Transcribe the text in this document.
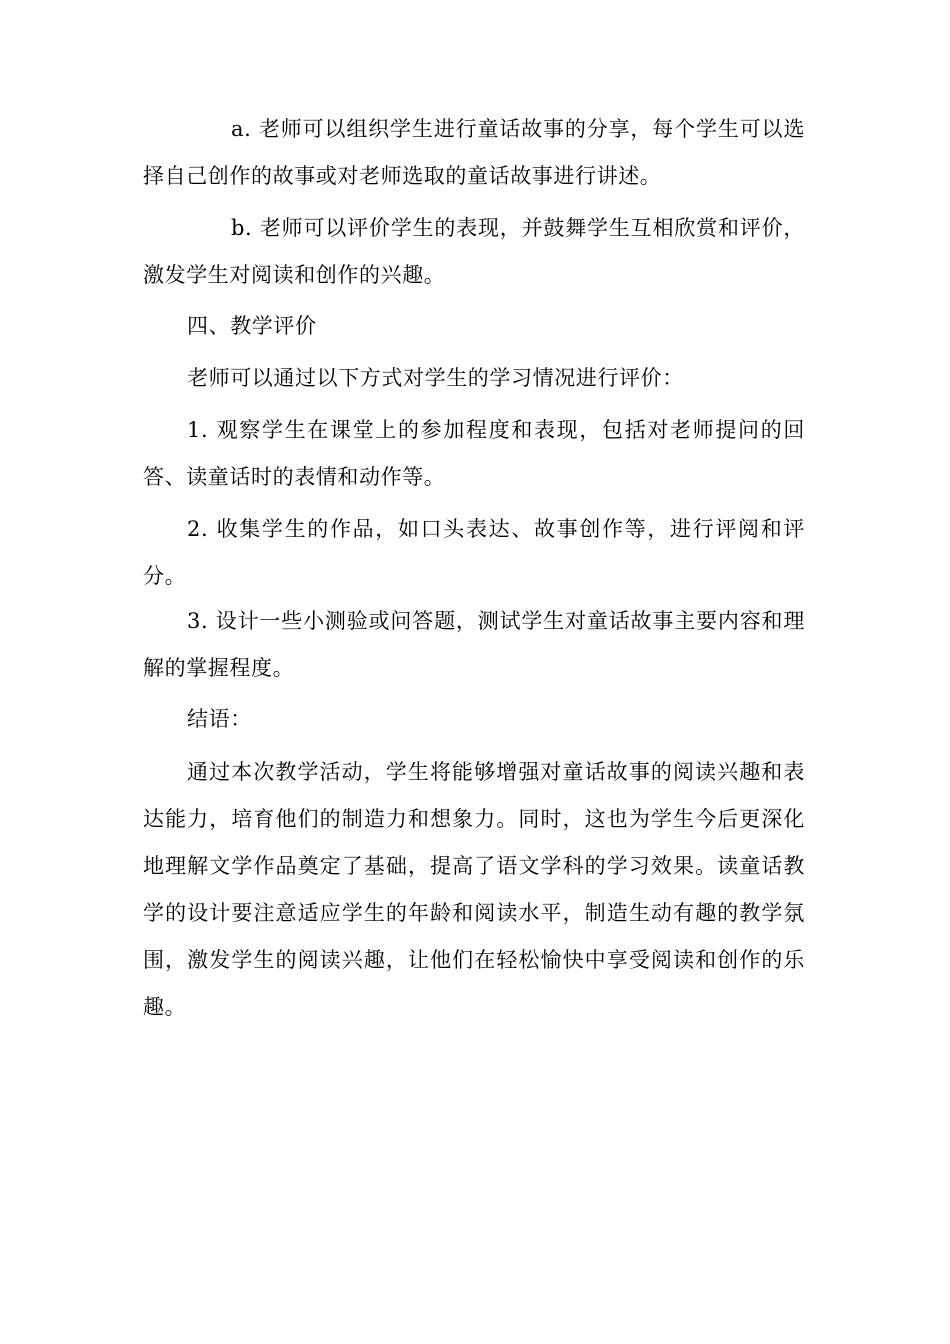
a. 老师可以组织学生进行童话故事的分享，每个学生可以选择自己创作的故事或对老师选取的童话故事进行讲述。

b. 老师可以评价学生的表现，并鼓舞学生互相欣赏和评价，激发学生对阅读和创作的兴趣。

四、教学评价

老师可以通过以下方式对学生的学习情况进行评价：

1. 观察学生在课堂上的参加程度和表现，包括对老师提问的回答、读童话时的表情和动作等。

2. 收集学生的作品，如口头表达、故事创作等，进行评阅和评分。

3. 设计一些小测验或问答题，测试学生对童话故事主要内容和理解的掌握程度。

结语：

通过本次教学活动，学生将能够增强对童话故事的阅读兴趣和表达能力，培育他们的制造力和想象力。同时，这也为学生今后更深化地理解文学作品奠定了基础，提高了语文学科的学习效果。读童话教学的设计要注意适应学生的年龄和阅读水平，制造生动有趣的教学氛围，激发学生的阅读兴趣，让他们在轻松愉快中享受阅读和创作的乐趣。
